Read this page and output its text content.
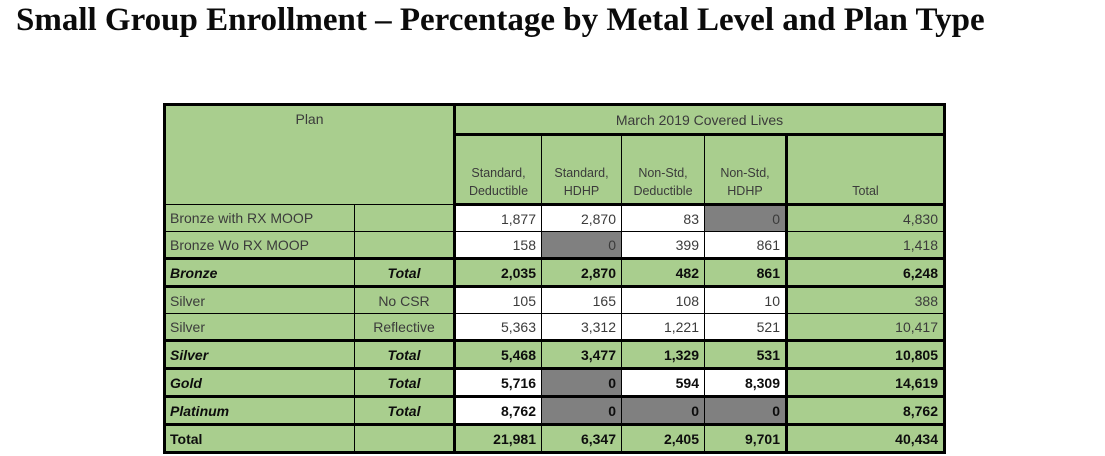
Small Group Enrollment – Percentage by Metal Level and Plan Type
Plan		March 2019 Covered Lives				
		Standard, Deductible	Standard, HDHP	Non-Std, Deductible	Non-Std, HDHP	Total
Bronze with RX MOOP		1,877	2,870	83	0	4,830
Bronze Wo RX MOOP		158	0	399	861	1,418
Bronze	Total	2,035	2,870	482	861	6,248
Silver	No CSR	105	165	108	10	388
Silver	Reflective	5,363	3,312	1,221	521	10,417
Silver	Total	5,468	3,477	1,329	531	10,805
Gold	Total	5,716	0	594	8,309	14,619
Platinum	Total	8,762	0	0	0	8,762
Total		21,981	6,347	2,405	9,701	40,434
